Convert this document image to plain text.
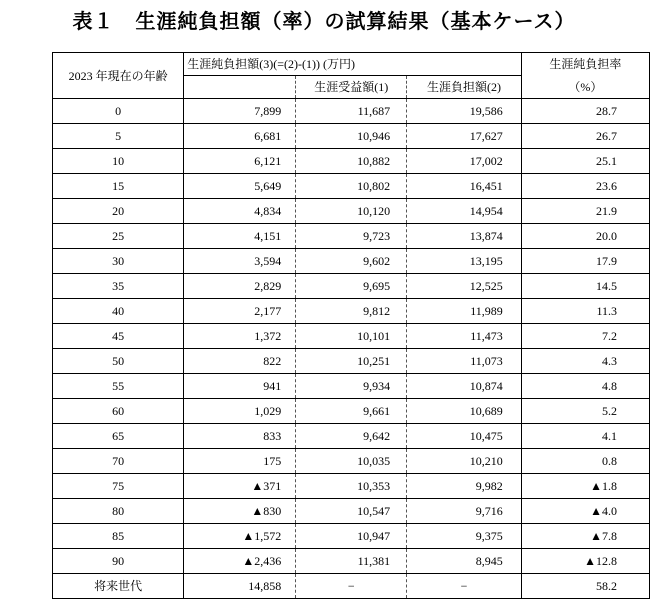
表１　生涯純負担額（率）の試算結果（基本ケース）
2023 年現在の年齢	生涯純負担額(3)(=(2)-(1)) (万円)			生涯純負担率
		生涯受益額(1)	生涯負担額(2)	（%）
0	7,899	11,687	19,586	28.7
5	6,681	10,946	17,627	26.7
10	6,121	10,882	17,002	25.1
15	5,649	10,802	16,451	23.6
20	4,834	10,120	14,954	21.9
25	4,151	9,723	13,874	20.0
30	3,594	9,602	13,195	17.9
35	2,829	9,695	12,525	14.5
40	2,177	9,812	11,989	11.3
45	1,372	10,101	11,473	7.2
50	822	10,251	11,073	4.3
55	941	9,934	10,874	4.8
60	1,029	9,661	10,689	5.2
65	833	9,642	10,475	4.1
70	175	10,035	10,210	0.8
75	▲371	10,353	9,982	▲1.8
80	▲830	10,547	9,716	▲4.0
85	▲1,572	10,947	9,375	▲7.8
90	▲2,436	11,381	8,945	▲12.8
将来世代	14,858	−	−	58.2
